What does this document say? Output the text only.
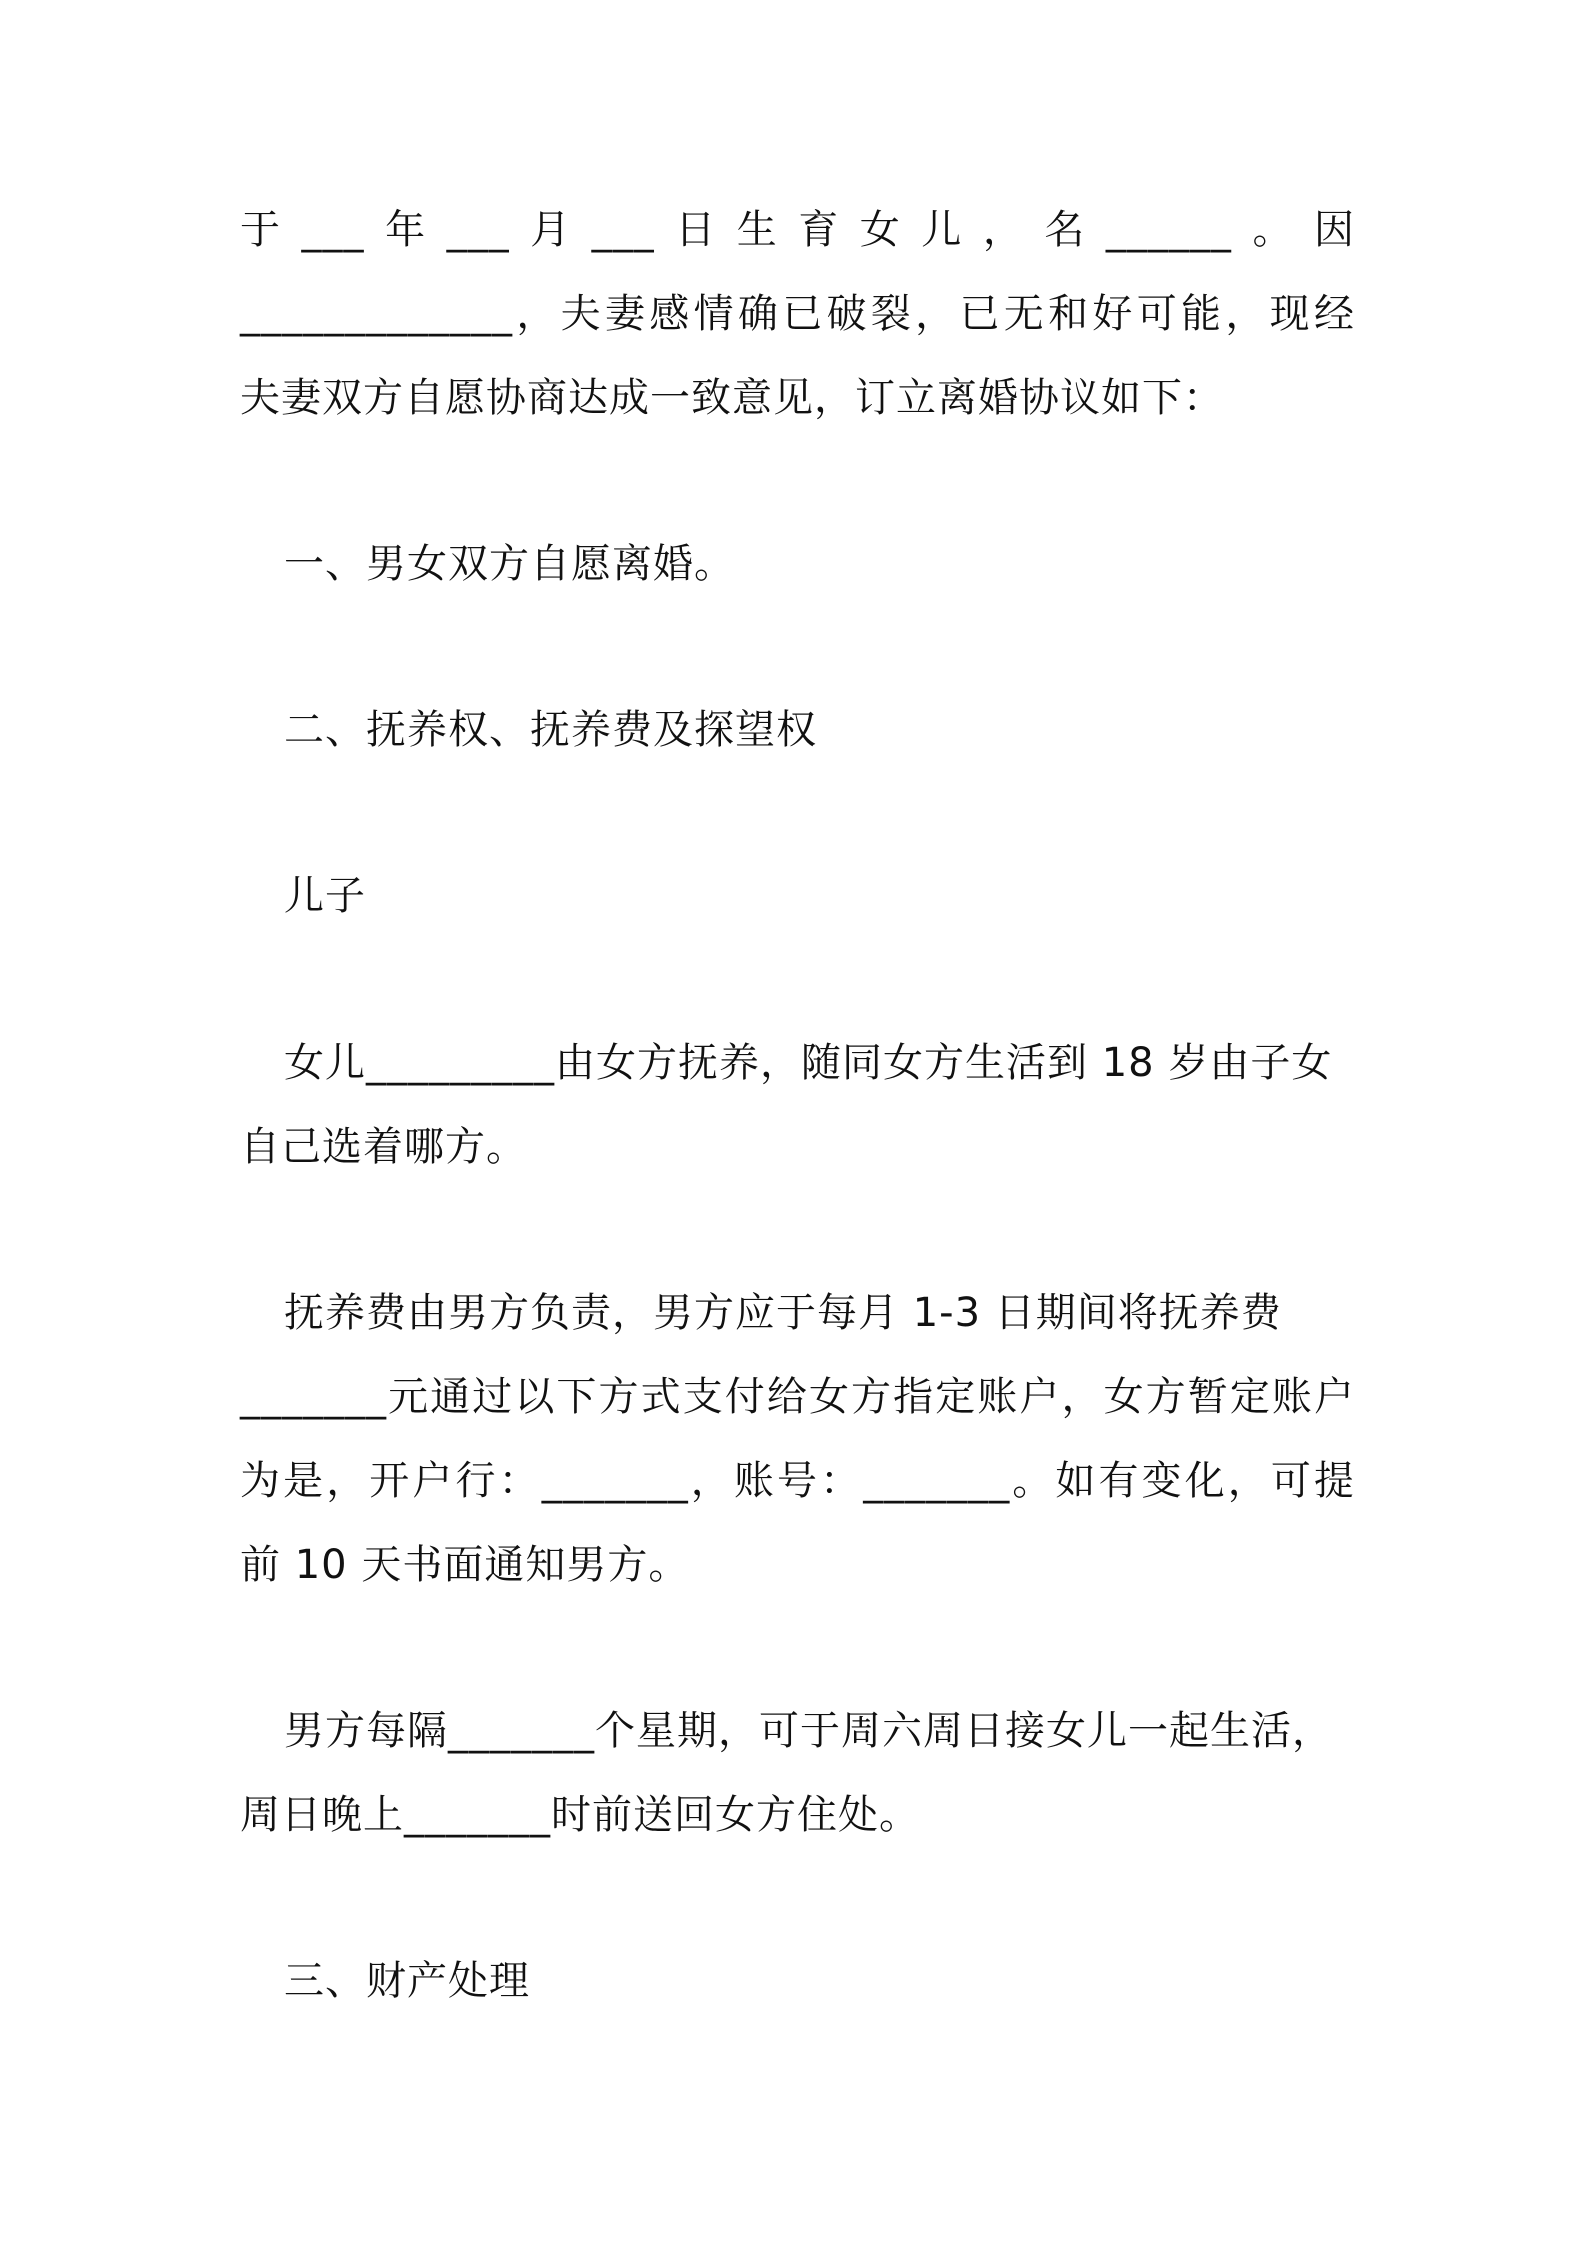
于___年___月___日生育女儿，名______。因
_____________，夫妻感情确已破裂，已无和好可能，现经
夫妻双方自愿协商达成一致意见，订立离婚协议如下：
一、男女双方自愿离婚。
二、抚养权、抚养费及探望权
儿子
女儿_________由女方抚养，随同女方生活到 18 岁由子女
自己选着哪方。
抚养费由男方负责，男方应于每月 1-3 日期间将抚养费
_______元通过以下方式支付给女方指定账户，女方暂定账户
为是，开户行：_______，账号：_______。如有变化，可提
前 10 天书面通知男方。
男方每隔_______个星期，可于周六周日接女儿一起生活，
周日晚上_______时前送回女方住处。
三、财产处理
